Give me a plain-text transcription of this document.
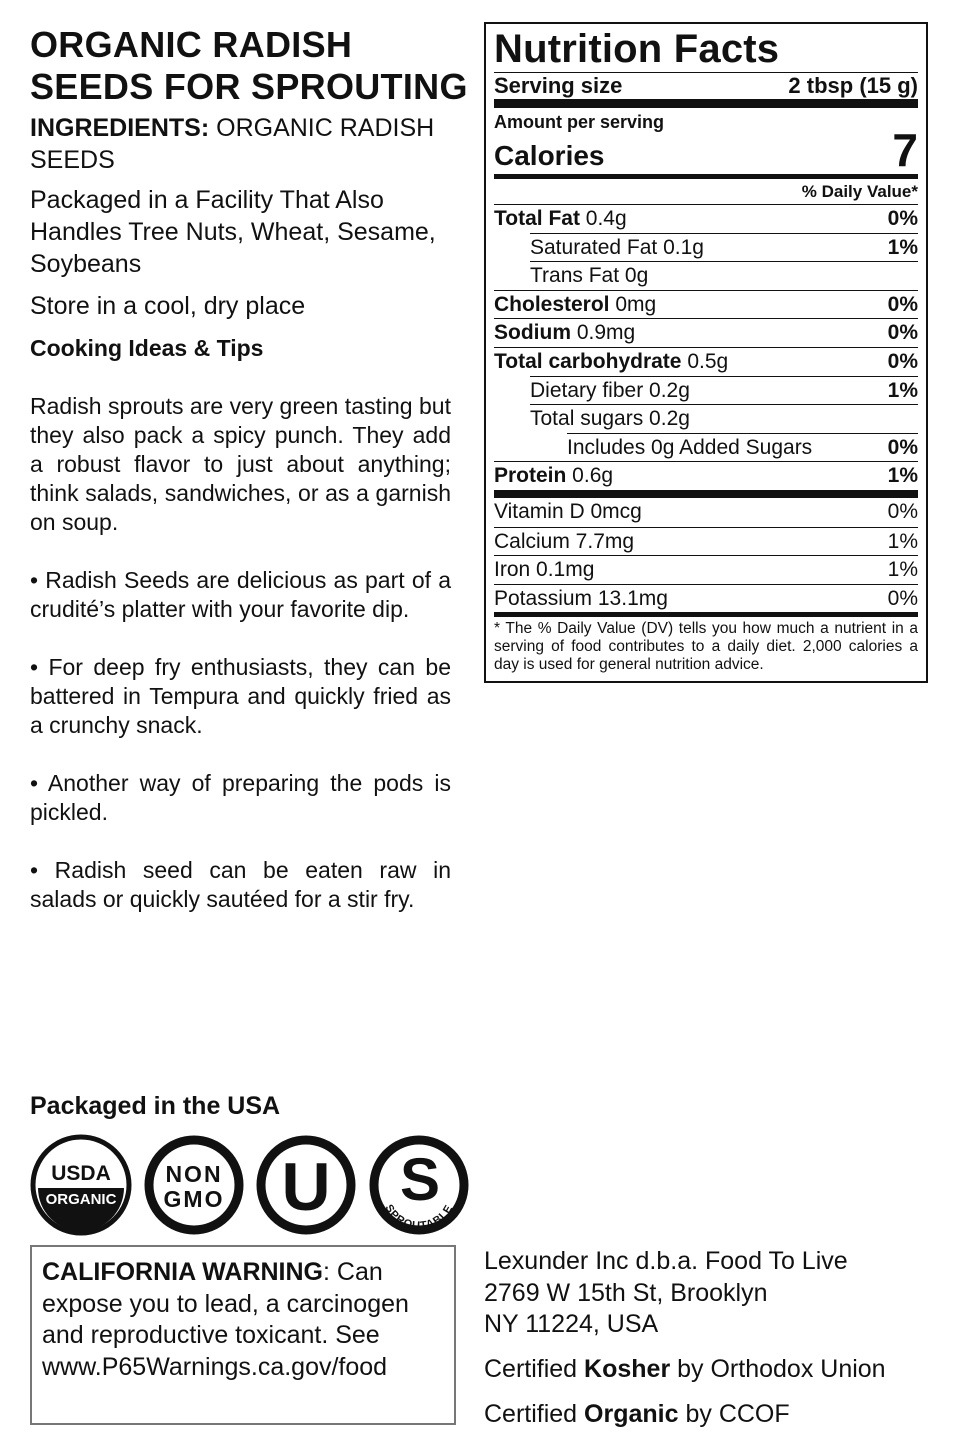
ORGANIC RADISH
SEEDS FOR SPROUTING
INGREDIENTS: ORGANIC RADISH SEEDS
Packaged in a Facility That Also Handles Tree Nuts, Wheat, Sesame, Soybeans
Store in a cool, dry place
Cooking Ideas & Tips

Radish sprouts are very green tasting but they also pack a spicy punch. They add a robust flavor to just about anything; think salads, sandwiches, or as a garnish on soup.

• Radish Seeds are delicious as part of a crudité’s platter with your favorite dip.

• For deep fry enthusiasts, they can be battered in Tempura and quickly fried as a crunchy snack.

• Another way of preparing the pods is pickled.

• Radish seed can be eaten raw in salads or quickly sautéed for a stir fry.

Packaged in the USA
USDA
ORGANIC
NON
GMO U S
SPROUTABLE
CALIFORNIA WARNING: Can expose you to lead, a carcinogen and reproductive toxicant. See www.P65Warnings.ca.gov/food
Nutrition Facts
Serving size	2 tbsp (15 g)
Amount per serving
Calories	7
% Daily Value*
Total Fat 0.4g	0%
Saturated Fat 0.1g	1%
Trans Fat 0g
Cholesterol 0mg	0%
Sodium 0.9mg	0%
Total carbohydrate 0.5g	0%
Dietary fiber 0.2g	1%
Total sugars 0.2g
Includes 0g Added Sugars	0%
Protein 0.6g	1%
Vitamin D 0mcg	0%
Calcium 7.7mg	1%
Iron 0.1mg	1%
Potassium 13.1mg	0%
* The % Daily Value (DV) tells you how much a nutrient in a serving of food contributes to a daily diet. 2,000 calories a day is used for general nutrition advice.
Lexunder Inc d.b.a. Food To Live
2769 W 15th St, Brooklyn
NY 11224, USA
Certified Kosher by Orthodox Union
Certified Organic by CCOF
